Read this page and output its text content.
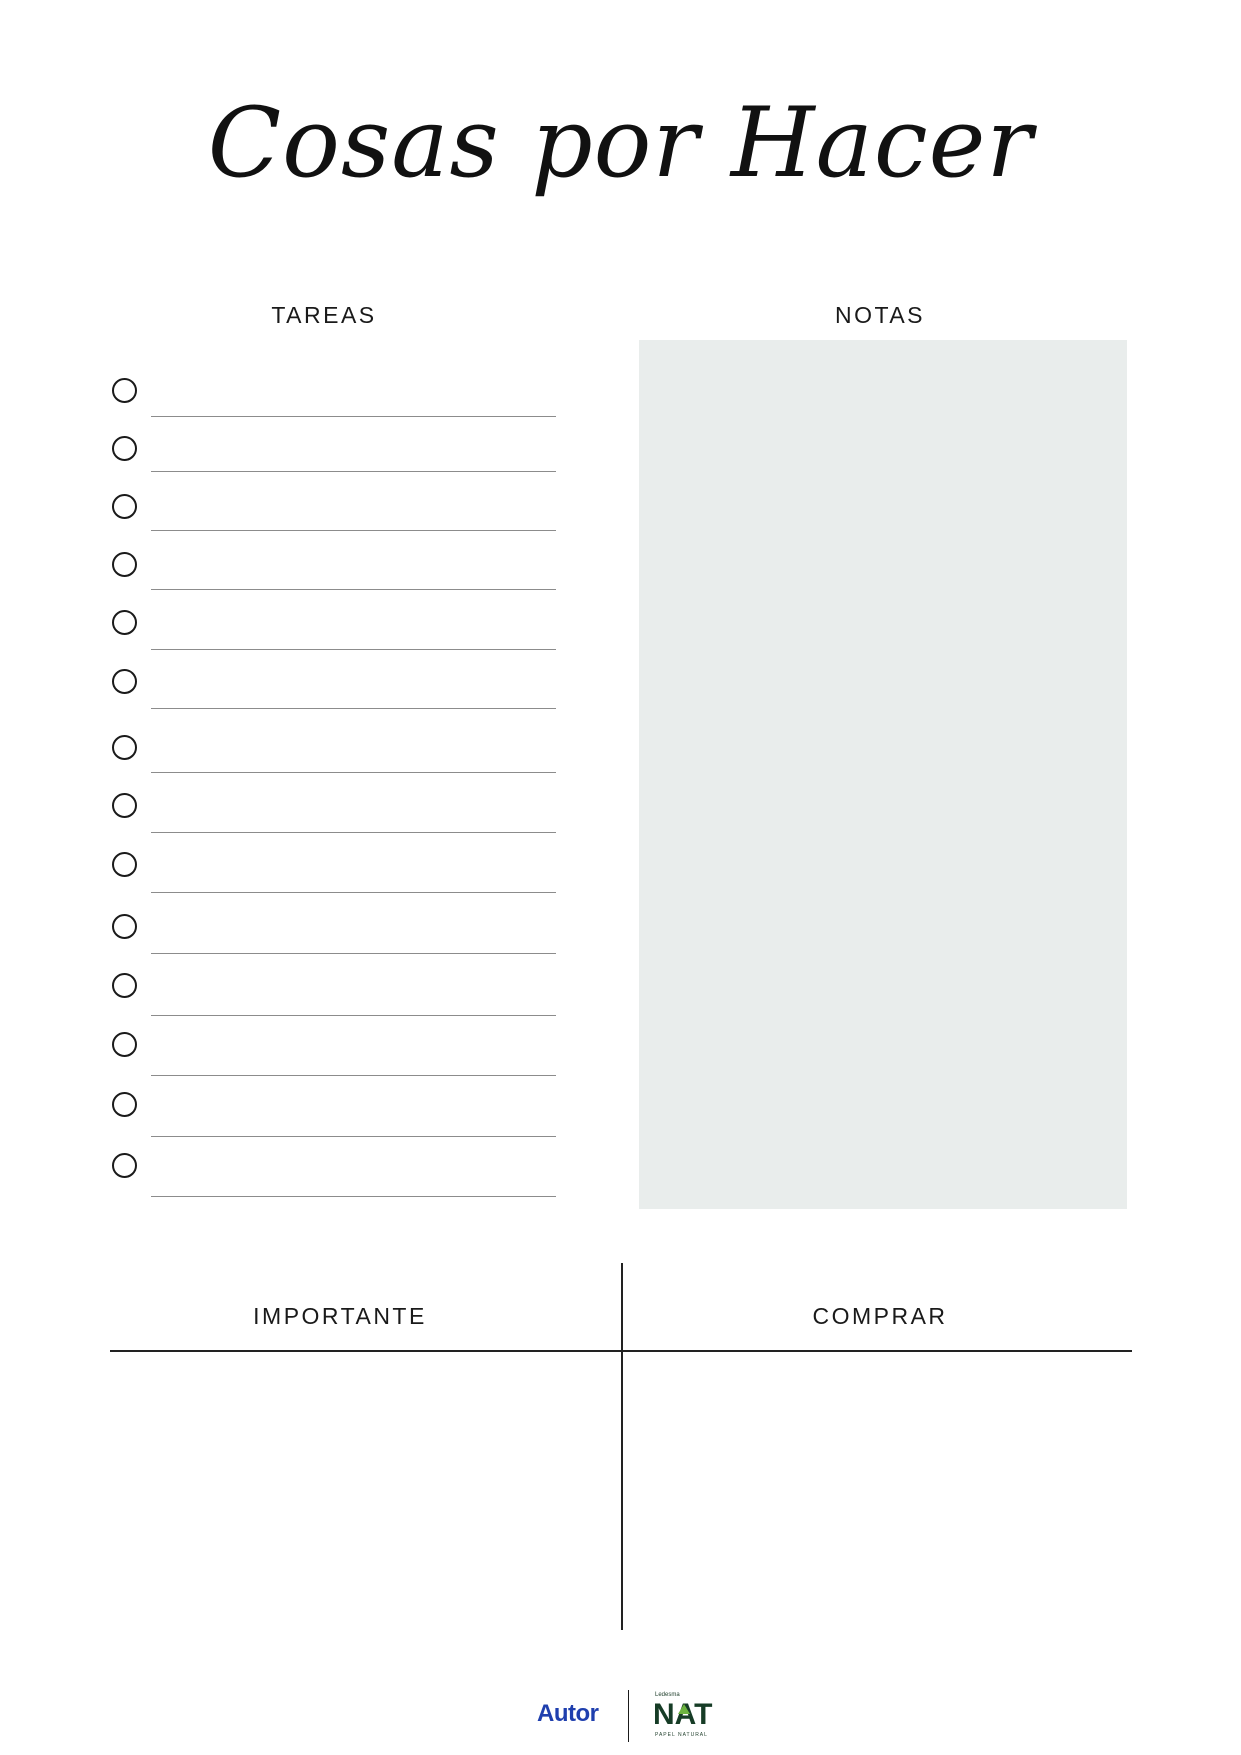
Cosas por Hacer
TAREAS	NOTAS
IMPORTANTE	COMPRAR
Autor
Ledesma
NAT
PAPEL NATURAL
